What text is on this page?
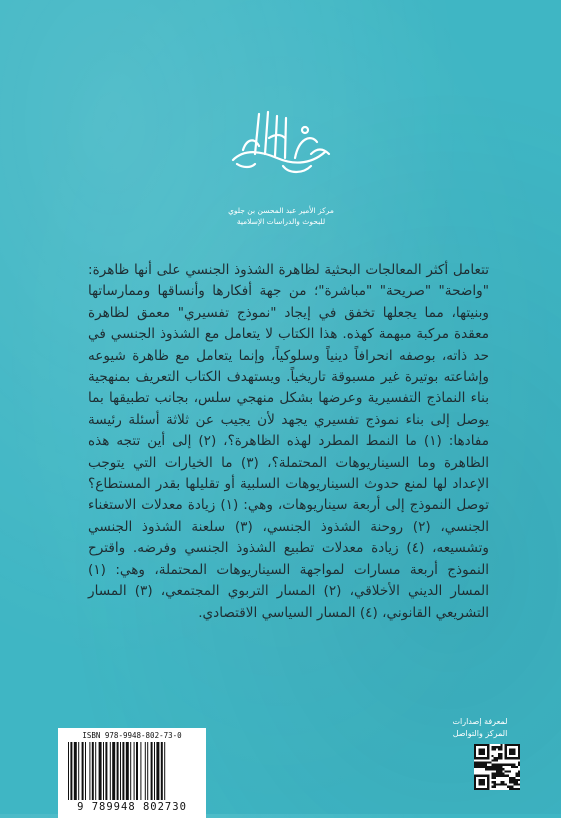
مركز الأمير عبد المحسن بن جلوي
للبحوث والدراسات الإسلامية
تتعامل أكثر المعالجات البحثية لظاهرة الشذوذ الجنسي على أنها ظاهرة: "واضحة" "صريحة" "مباشرة"؛ من جهة أفكارها وأنساقها وممارساتها وبنيتها، مما يجعلها تخفق في إيجاد "نموذج تفسيري" معمق لظاهرة معقدة مركبة مبهمة كهذه. هذا الكتاب لا يتعامل مع الشذوذ الجنسي في حد ذاته، بوصفه انحرافاً دينياً وسلوكياً، وإنما يتعامل مع ظاهرة شيوعه وإشاعته بوتيرة غير مسبوقة تاريخياً. ويستهدف الكتاب التعريف بمنهجية بناء النماذج التفسيرية وعرضها بشكل منهجي سلس، بجانب تطبيقها بما يوصل إلى بناء نموذج تفسيري يجهد لأن يجيب عن ثلاثة أسئلة رئيسة مفادها: (١) ما النمط المطرد لهذه الظاهرة؟، (٢) إلى أين تتجه هذه الظاهرة وما السيناريوهات المحتملة؟، (٣) ما الخيارات التي يتوجب الإعداد لها لمنع حدوث السيناريوهات السلبية أو تقليلها بقدر المستطاع؟ توصل النموذج إلى أربعة سيناريوهات، وهي: (١) زيادة معدلات الاستغناء الجنسي، (٢) روحنة الشذوذ الجنسي، (٣) سلعنة الشذوذ الجنسي وتشسيعه، (٤) زيادة معدلات تطبيع الشذوذ الجنسي وفرضه. واقترح النموذج أربعة مسارات لمواجهة السيناريوهات المحتملة، وهي: (١) المسار الديني الأخلاقي، (٢) المسار التربوي المجتمعي، (٣) المسار التشريعي القانوني، (٤) المسار السياسي الاقتصادي.
ISBN 978-9948-802-73-0
9 789948 802730
لمعرفة إصدارات
المركز والتواصل
